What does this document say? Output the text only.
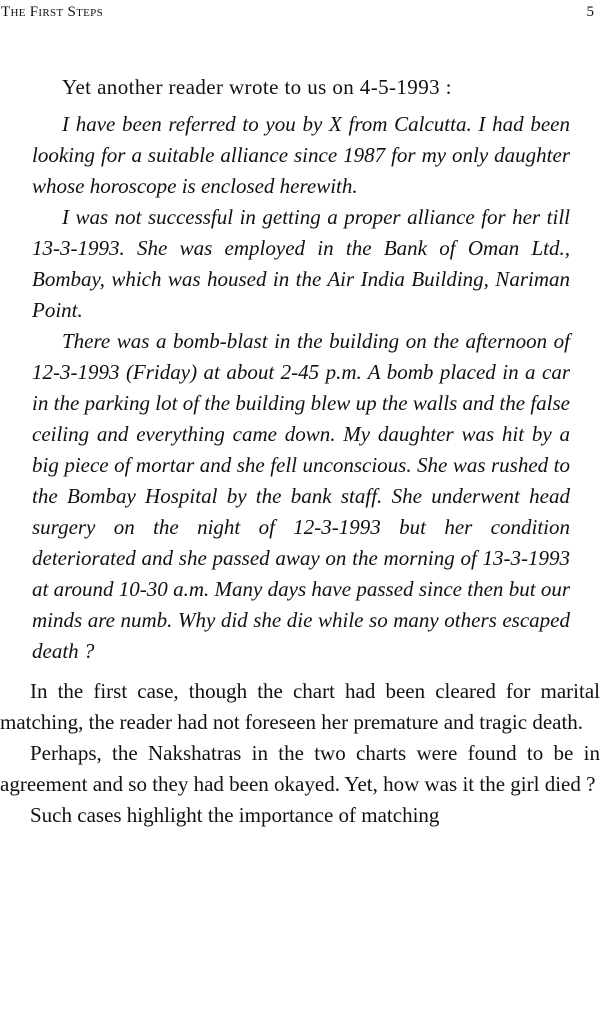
The First Steps	5

Yet another reader wrote to us on 4-5-1993 :

I have been referred to you by X from Calcutta. I had been looking for a suitable alliance since 1987 for my only daughter whose horoscope is enclosed herewith.

I was not successful in getting a proper alliance for her till 13-3-1993. She was employed in the Bank of Oman Ltd., Bombay, which was housed in the Air India Building, Nariman Point.

There was a bomb-blast in the building on the afternoon of 12-3-1993 (Friday) at about 2-45 p.m. A bomb placed in a car in the parking lot of the building blew up the walls and the false ceiling and everything came down. My daughter was hit by a big piece of mortar and she fell unconscious. She was rushed to the Bombay Hospital by the bank staff. She underwent head surgery on the night of 12-3-1993 but her condition deteriorated and she passed away on the morning of 13-3-1993 at around 10-30 a.m. Many days have passed since then but our minds are numb. Why did she die while so many others escaped death ?

In the first case, though the chart had been cleared for marital matching, the reader had not foreseen her premature and tragic death.

Perhaps, the Nakshatras in the two charts were found to be in agreement and so they had been okayed. Yet, how was it the girl died ?

Such cases highlight the importance of matching
